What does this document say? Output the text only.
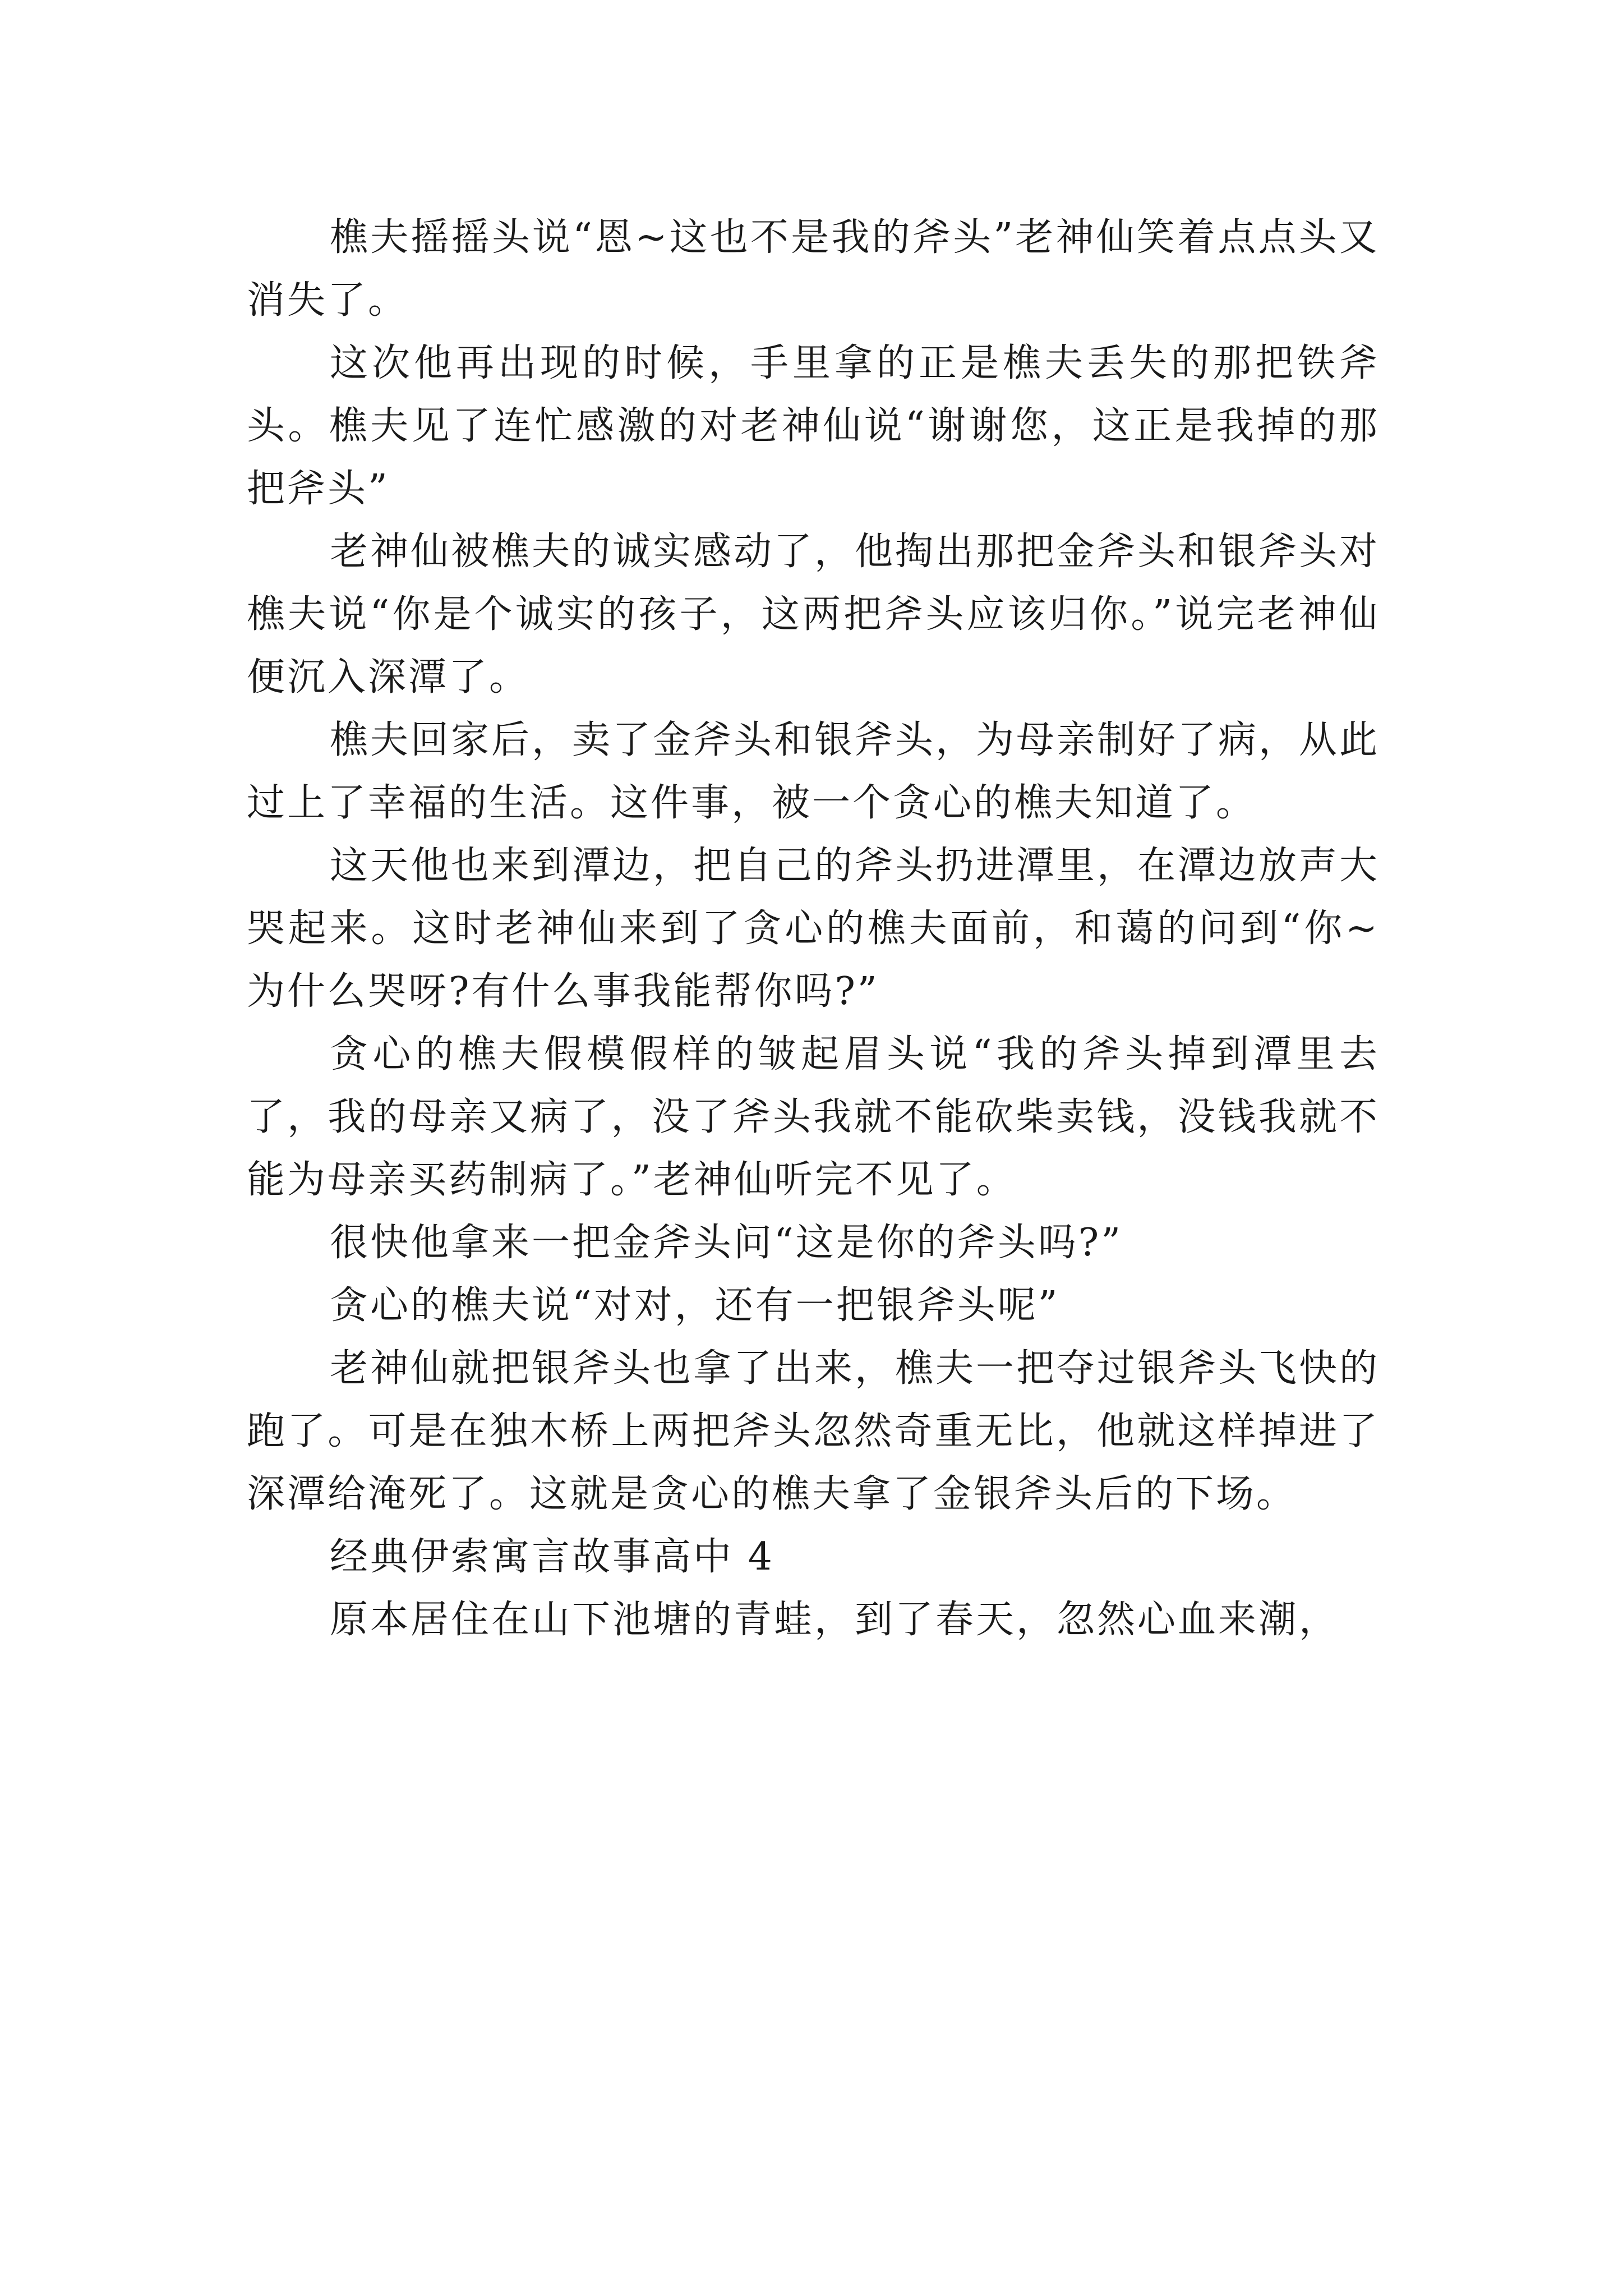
樵夫摇摇头说“恩~这也不是我的斧头”老神仙笑着点点头又消失了。

这次他再出现的时候，手里拿的正是樵夫丢失的那把铁斧头。樵夫见了连忙感激的对老神仙说“谢谢您，这正是我掉的那把斧头”

老神仙被樵夫的诚实感动了，他掏出那把金斧头和银斧头对樵夫说“你是个诚实的孩子，这两把斧头应该归你。”说完老神仙便沉入深潭了。

樵夫回家后，卖了金斧头和银斧头，为母亲制好了病，从此过上了幸福的生活。这件事，被一个贪心的樵夫知道了。

这天他也来到潭边，把自己的斧头扔进潭里，在潭边放声大哭起来。这时老神仙来到了贪心的樵夫面前，和蔼的问到“你~为什么哭呀?有什么事我能帮你吗?”

贪心的樵夫假模假样的皱起眉头说“我的斧头掉到潭里去了，我的母亲又病了，没了斧头我就不能砍柴卖钱，没钱我就不能为母亲买药制病了。”老神仙听完不见了。

很快他拿来一把金斧头问“这是你的斧头吗?”

贪心的樵夫说“对对，还有一把银斧头呢”

老神仙就把银斧头也拿了出来，樵夫一把夺过银斧头飞快的跑了。可是在独木桥上两把斧头忽然奇重无比，他就这样掉进了深潭给淹死了。这就是贪心的樵夫拿了金银斧头后的下场。

经典伊索寓言故事高中 4

原本居住在山下池塘的青蛙，到了春天，忽然心血来潮，
